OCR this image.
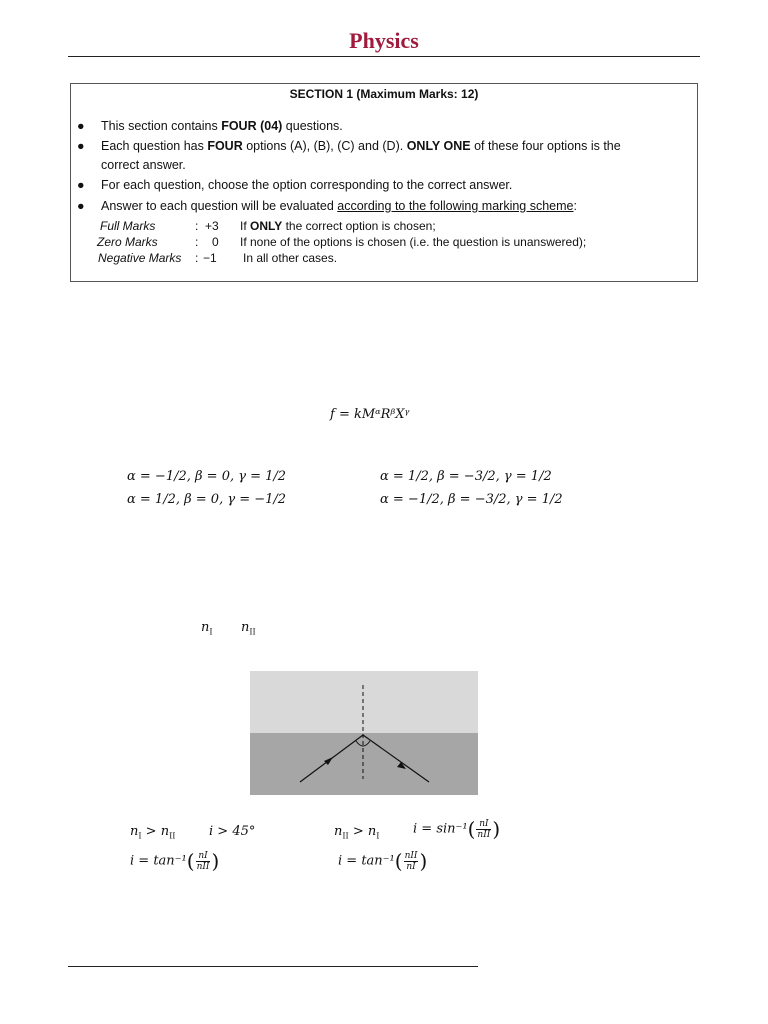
Physics
SECTION 1 (Maximum Marks: 12)
● This section contains FOUR (04) questions.
● Each question has FOUR options (A), (B), (C) and (D). ONLY ONE of these four options is the
correct answer.
● For each question, choose the option corresponding to the correct answer.
● Answer to each question will be evaluated according to the following marking scheme:
Full Marks	: +3 If ONLY the correct option is chosen;
Zero Marks	: 0 If none of the options is chosen (i.e. the question is unanswered);
Negative Marks : −1 In all other cases.
f = kMᵅRᵝXᵞ
α = −1/2, β = 0, γ = 1/2	α = 1/2, β = −3/2, γ = 1/2
α = 1/2, β = 0, γ = −1/2	α = −1/2, β = −3/2, γ = 1/2
$n_I$ $n_{II}$
$n_I > n_{II}$	i > 45°	$n_{II} > n_I$	$i = \sin^{-1}( \frac{nI}{\text{nII}}$ )
$i = \tan^{-1}( \frac{nI}{\text{nII}}$ )	$i = \tan^{-1}( \frac{\text{nII}}{nI}$ )
